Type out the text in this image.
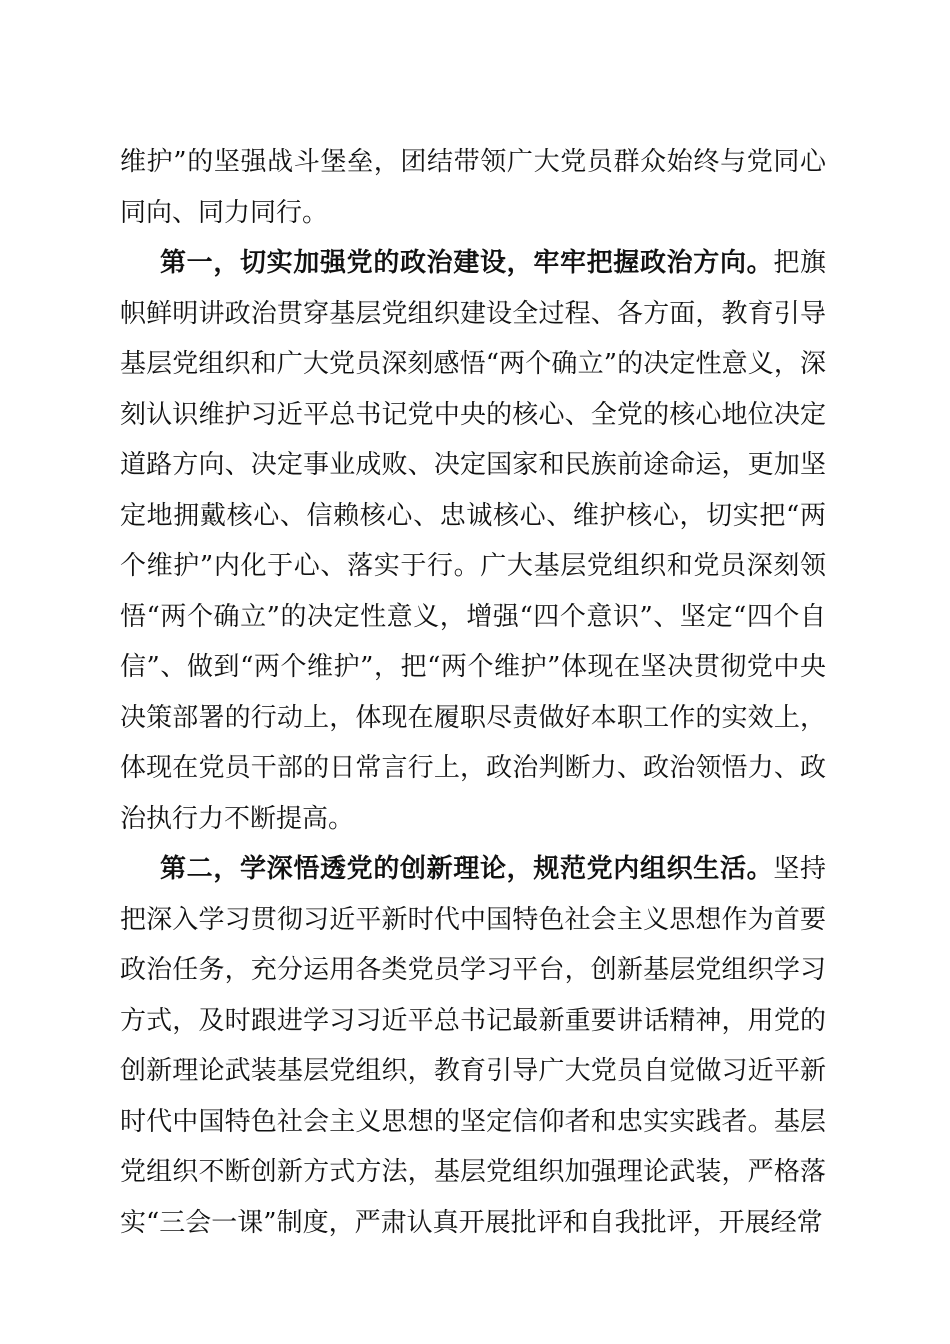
维护”的坚强战斗堡垒，团结带领广大党员群众始终与党同心同向、同力同行。

第一，切实加强党的政治建设，牢牢把握政治方向。把旗帜鲜明讲政治贯穿基层党组织建设全过程、各方面，教育引导基层党组织和广大党员深刻感悟“两个确立”的决定性意义，深刻认识维护习近平总书记党中央的核心、全党的核心地位决定道路方向、决定事业成败、决定国家和民族前途命运，更加坚定地拥戴核心、信赖核心、忠诚核心、维护核心，切实把“两个维护”内化于心、落实于行。广大基层党组织和党员深刻领悟“两个确立”的决定性意义，增强“四个意识”、坚定“四个自信”、做到“两个维护”，把“两个维护”体现在坚决贯彻党中央决策部署的行动上，体现在履职尽责做好本职工作的实效上，体现在党员干部的日常言行上，政治判断力、政治领悟力、政治执行力不断提高。

第二，学深悟透党的创新理论，规范党内组织生活。坚持把深入学习贯彻习近平新时代中国特色社会主义思想作为首要政治任务，充分运用各类党员学习平台，创新基层党组织学习方式，及时跟进学习习近平总书记最新重要讲话精神，用党的创新理论武装基层党组织，教育引导广大党员自觉做习近平新时代中国特色社会主义思想的坚定信仰者和忠实实践者。基层党组织不断创新方式方法，基层党组织加强理论武装，严格落实“三会一课”制度，严肃认真开展批评和自我批评，开展经常
